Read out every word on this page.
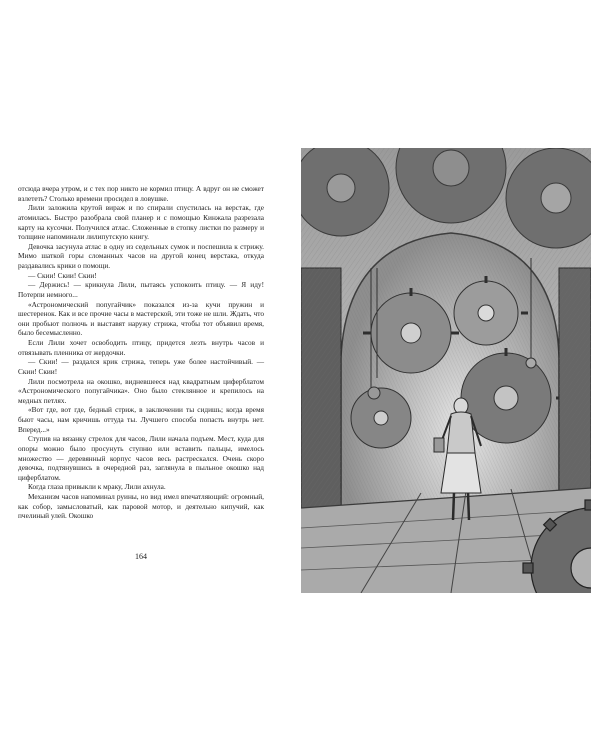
отсюда вчера утром, и с тех пор никто не кормил птицу. А вдруг он не сможет взлететь? Столько времени просидел в ловушке.

Лили заложила крутой вираж и по спирали спустилась на верстак, где атомилась. Быстро разобрала свой планер и с помощью Кинжала разрезала карту на кусочки. Получился атлас. Сложенные в стопку листки по размеру и толщине напоминали лилипутскую книгу.

Девочка засунула атлас в одну из седельных сумок и поспешила к стрижу. Мимо шаткой горы сломанных часов на другой конец верстака, откуда раздавались крики о помощи.

— Скии! Скии! Скии!

— Держись! — крикнула Лили, пытаясь успокоить птицу. — Я иду! Потерпи немного...

«Астрономический попугайчик» показался из-за кучи пружин и шестеренок. Как и все прочие часы в мастерской, эти тоже не шли. Ждать, что они пробьют полночь и выставят наружу стрижа, чтобы тот объявил время, было бесемысленно.

Если Лили хочет освободить птицу, придется лезть внутрь часов и отвязывать пленника от жердочки.

— Скии! — раздался крик стрижа, теперь уже более настойчивый. — Скии! Скии!

Лили посмотрела на окошко, видневшееся над квадратным циферблатом «Астрономического попугайчика». Оно было стеклянное и крепилось на медных петлях.

«Вот где, вот где, бедный стриж, в заключении ты сидишь; когда время бьют часы, нам кричишь оттуда ты. Лучшего способа попасть внутрь нет. Вперед...»

Ступив на вязанку стрелок для часов, Лили начала подъем. Мест, куда для опоры можно было просунуть ступню или вставить пальцы, имелось множество — деревянный корпус часов весь растрескался. Очень скоро девочка, подтянувшись в очередной раз, заглянула в пыльное окошко над циферблатом.

Когда глаза привыкли к мраку, Лили ахнула.

Механизм часов напоминал руины, но вид имел впечатляющий: огромный, как собор, замысловатый, как паровой мотор, и деятельно кипучий, как пчелиный улей. Окошко

164
